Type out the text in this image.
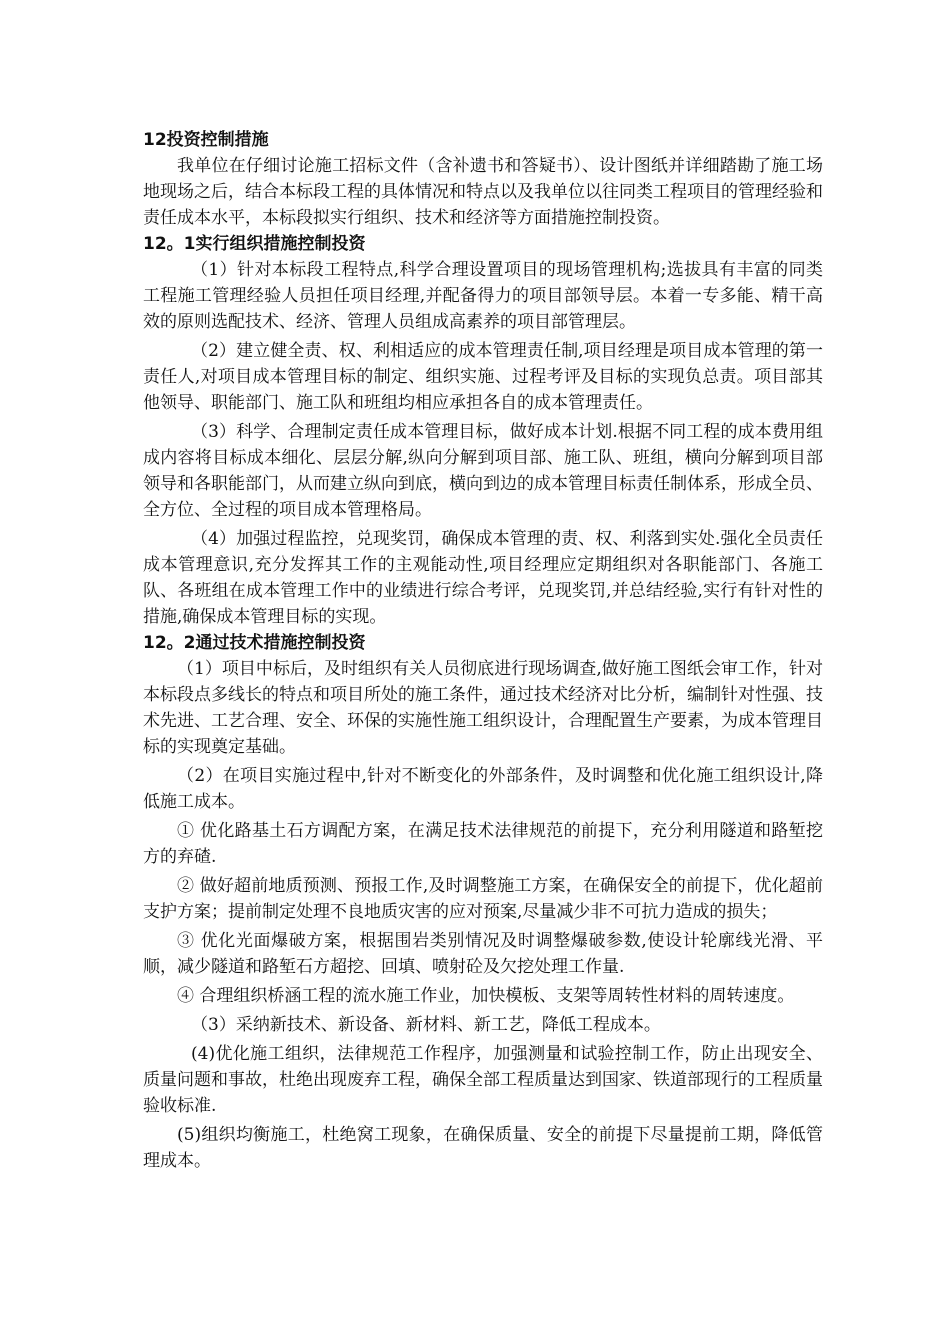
12投资控制措施

我单位在仔细讨论施工招标文件（含补遗书和答疑书）、设计图纸并详细踏勘了施工场地现场之后，结合本标段工程的具体情况和特点以及我单位以往同类工程项目的管理经验和责任成本水平，本标段拟实行组织、技术和经济等方面措施控制投资。

12。1实行组织措施控制投资

（1）针对本标段工程特点,科学合理设置项目的现场管理机构;选拔具有丰富的同类工程施工管理经验人员担任项目经理,并配备得力的项目部领导层。本着一专多能、精干高效的原则选配技术、经济、管理人员组成高素养的项目部管理层。

（2）建立健全责、权、利相适应的成本管理责任制,项目经理是项目成本管理的第一责任人,对项目成本管理目标的制定、组织实施、过程考评及目标的实现负总责。项目部其他领导、职能部门、施工队和班组均相应承担各自的成本管理责任。

（3）科学、合理制定责任成本管理目标，做好成本计划.根据不同工程的成本费用组成内容将目标成本细化、层层分解,纵向分解到项目部、施工队、班组，横向分解到项目部领导和各职能部门，从而建立纵向到底，横向到边的成本管理目标责任制体系，形成全员、全方位、全过程的项目成本管理格局。

（4）加强过程监控，兑现奖罚，确保成本管理的责、权、利落到实处.强化全员责任成本管理意识,充分发挥其工作的主观能动性,项目经理应定期组织对各职能部门、各施工队、各班组在成本管理工作中的业绩进行综合考评，兑现奖罚,并总结经验,实行有针对性的措施,确保成本管理目标的实现。

12。2通过技术措施控制投资

（1）项目中标后，及时组织有关人员彻底进行现场调查,做好施工图纸会审工作，针对本标段点多线长的特点和项目所处的施工条件，通过技术经济对比分析，编制针对性强、技术先进、工艺合理、安全、环保的实施性施工组织设计，合理配置生产要素，为成本管理目标的实现奠定基础。

（2）在项目实施过程中,针对不断变化的外部条件，及时调整和优化施工组织设计,降低施工成本。

① 优化路基土石方调配方案，在满足技术法律规范的前提下，充分利用隧道和路堑挖方的弃碴.

② 做好超前地质预测、预报工作,及时调整施工方案，在确保安全的前提下，优化超前支护方案；提前制定处理不良地质灾害的应对预案,尽量减少非不可抗力造成的损失；

③ 优化光面爆破方案，根据围岩类别情况及时调整爆破参数,使设计轮廓线光滑、平顺，减少隧道和路堑石方超挖、回填、喷射砼及欠挖处理工作量.

④ 合理组织桥涵工程的流水施工作业，加快模板、支架等周转性材料的周转速度。

（3）采纳新技术、新设备、新材料、新工艺，降低工程成本。

(4)优化施工组织，法律规范工作程序，加强测量和试验控制工作，防止出现安全、质量问题和事故，杜绝出现废弃工程，确保全部工程质量达到国家、铁道部现行的工程质量验收标准.

(5)组织均衡施工，杜绝窝工现象，在确保质量、安全的前提下尽量提前工期，降低管理成本。
